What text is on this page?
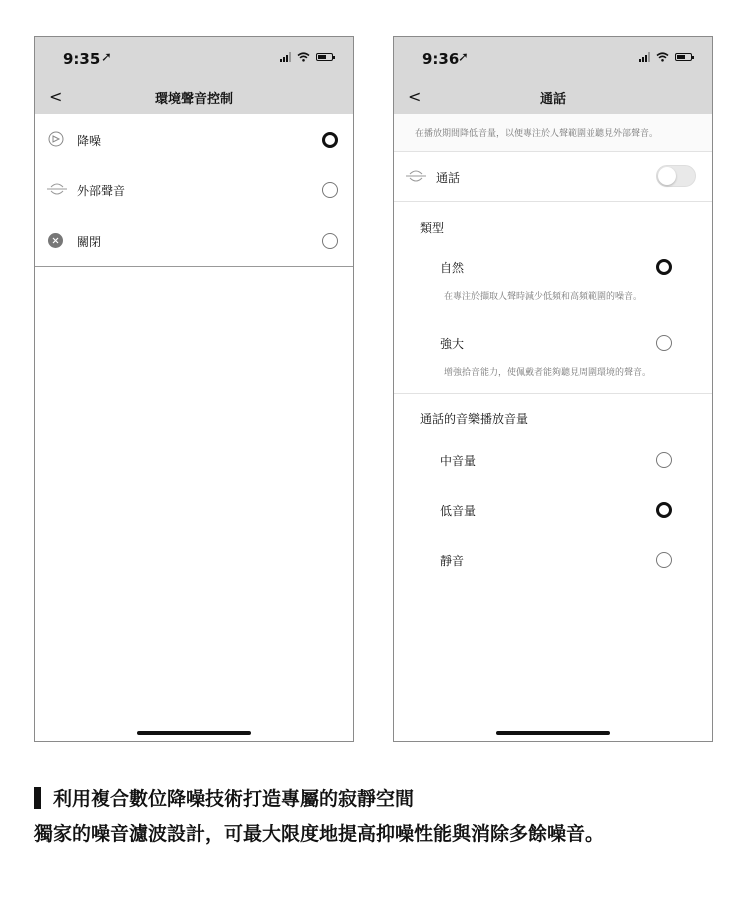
9:35 ➚
<	環境聲音控制
降噪
外部聲音
關閉
9:36
➚
<	通話
在播放期間降低音量，以便專注於人聲範圍並聽見外部聲音。
通話
類型
自然
在專注於擷取人聲時減少低頻和高頻範圍的噪音。
強大
增強拾音能力，使佩戴者能夠聽見周圍環境的聲音。
通話的音樂播放音量
中音量
低音量
靜音
利用複合數位降噪技術打造專屬的寂靜空間
獨家的噪音濾波設計，可最大限度地提高抑噪性能與消除多餘噪音。
